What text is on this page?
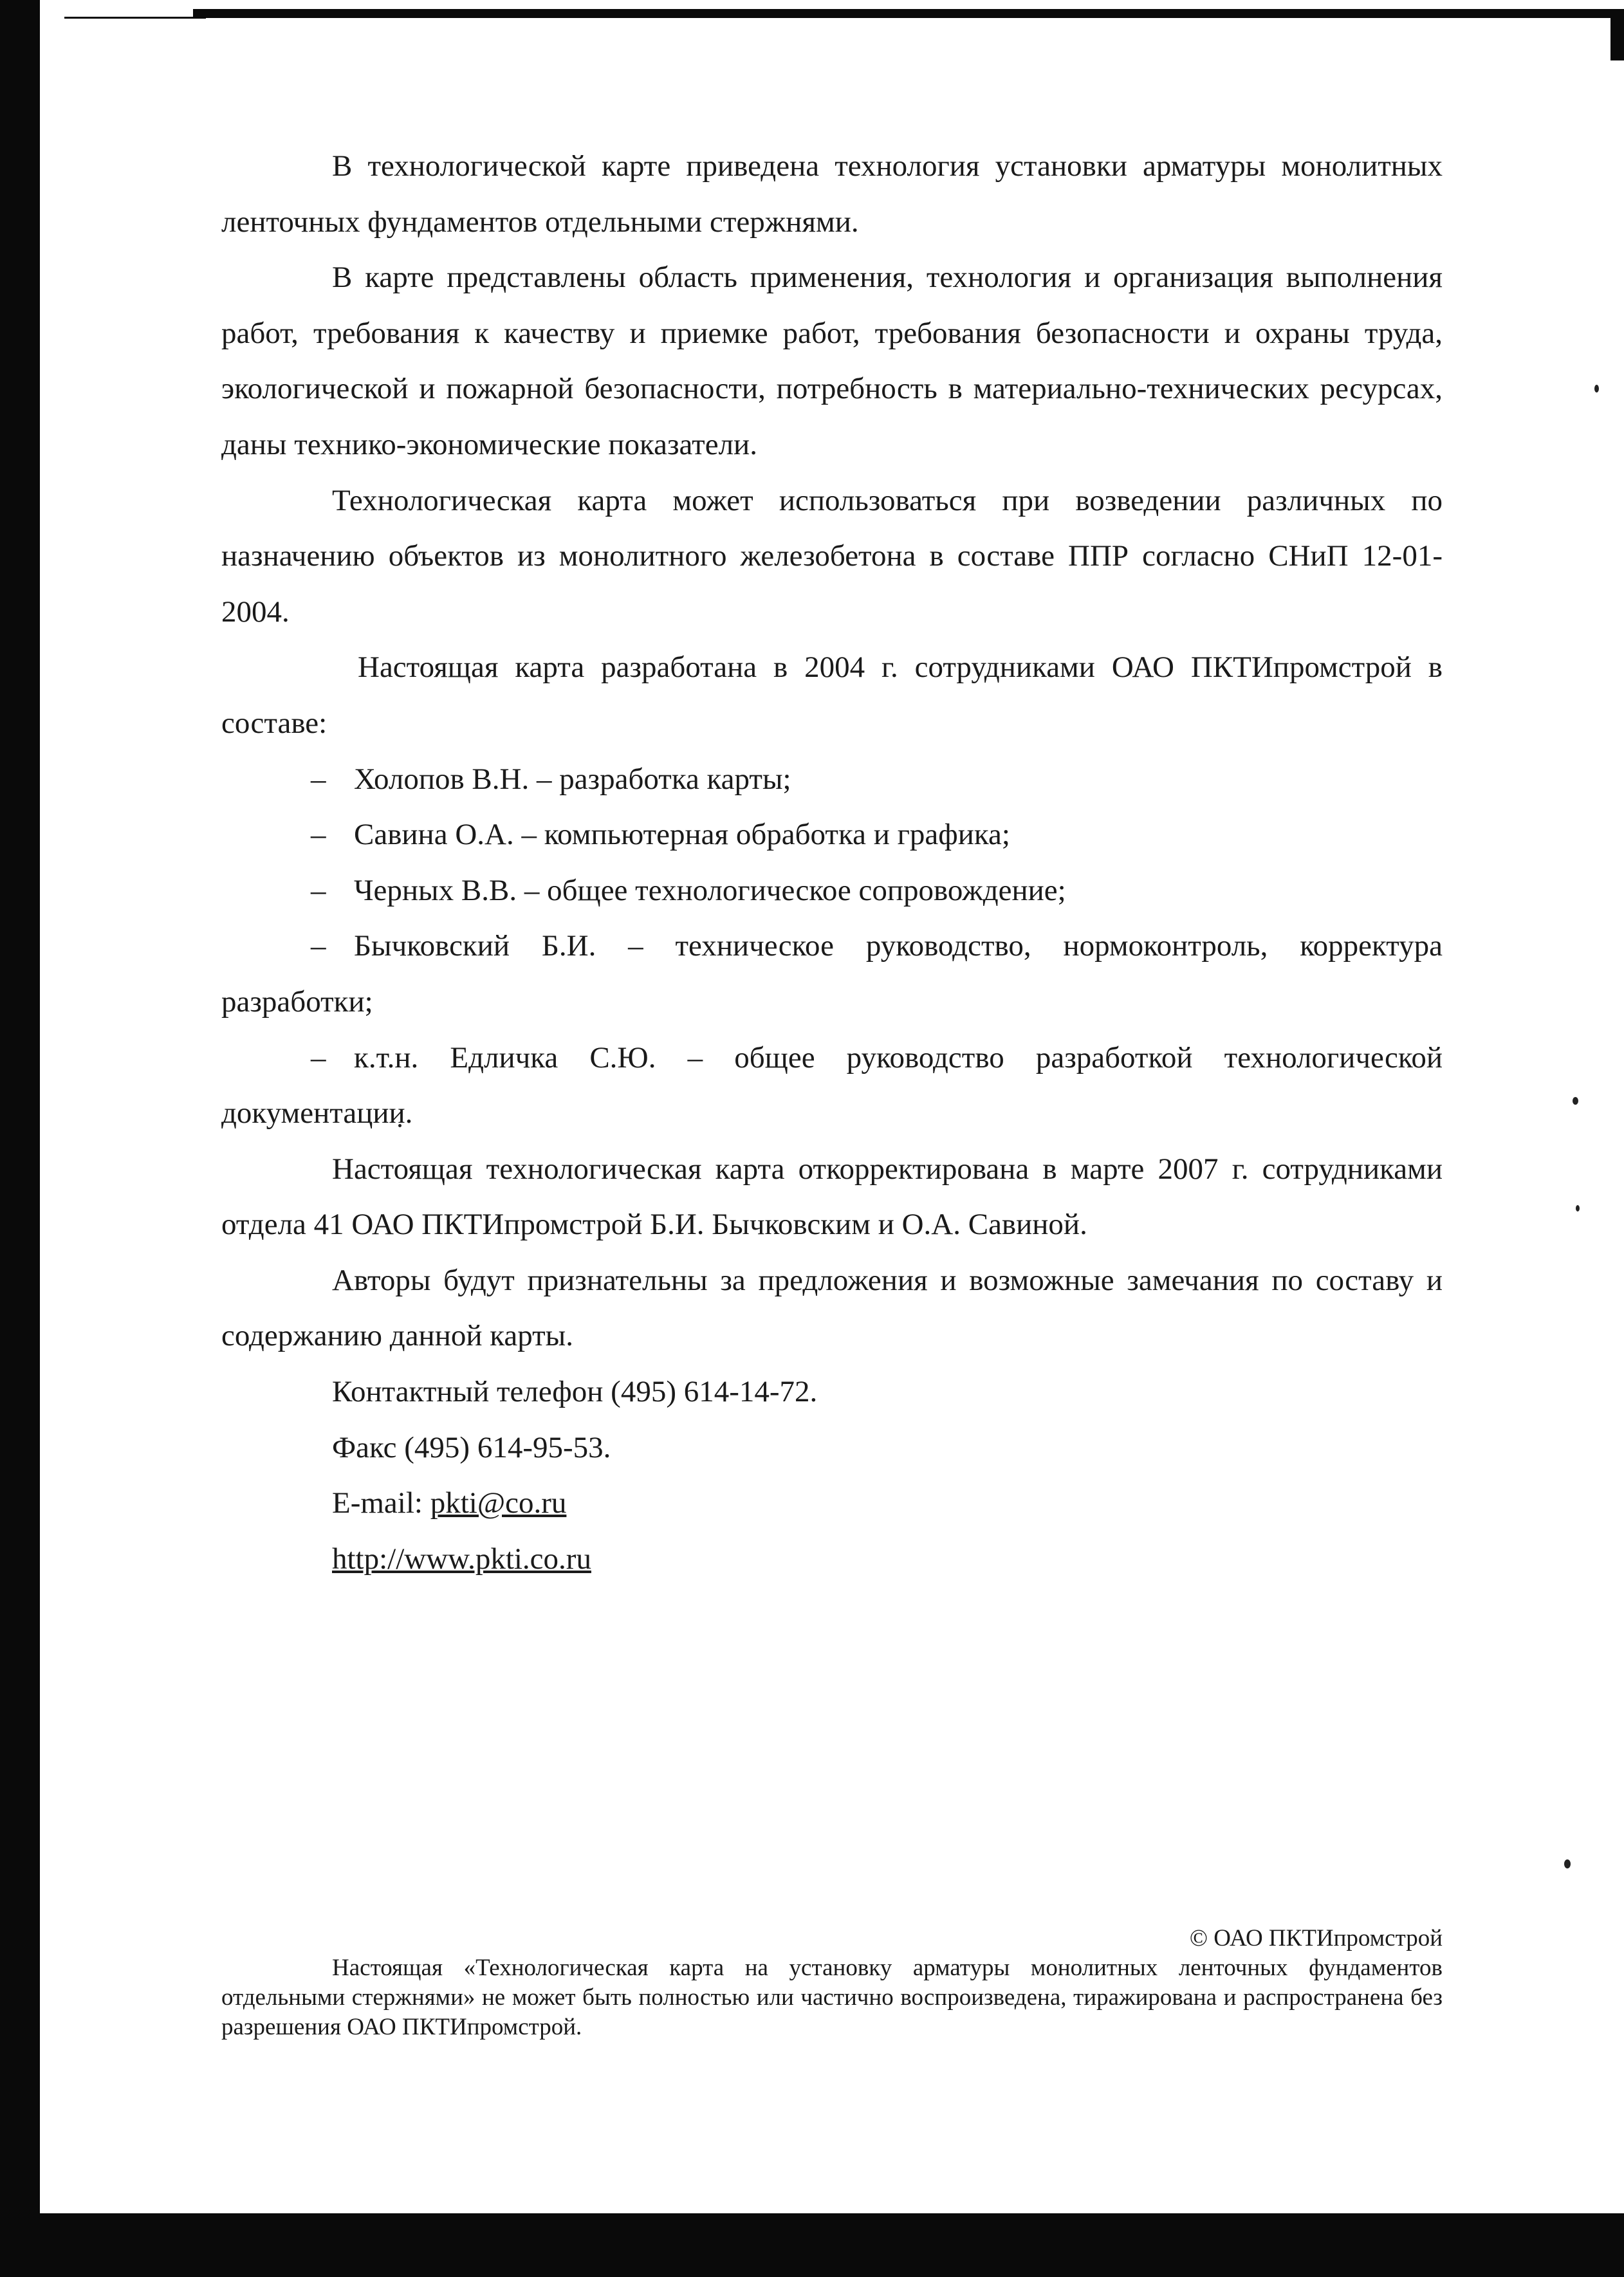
В технологической карте приведена технология установки арматуры монолитных ленточных фундаментов отдельными стержнями.

В карте представлены область применения, технология и организация выполнения работ, требования к качеству и приемке работ, требования безопасности и охраны труда, экологической и пожарной безопасности, потребность в материально-технических ресурсах, даны технико-экономические показатели.

Технологическая карта может использоваться при возведении различных по назначению объектов из монолитного железобетона в составе ППР согласно СНиП 12-01-2004.

Настоящая карта разработана в 2004 г. сотрудниками ОАО ПКТИпромстрой в составе:

– Холопов В.Н. – разработка карты;

– Савина О.А. – компьютерная обработка и графика;

– Черных В.В. – общее технологическое сопровождение;

– Бычковский Б.И. – техническое руководство, нормоконтроль, корректура разработки;

– к.т.н. Едличка С.Ю. – общее руководство разработкой технологической документации.

Настоящая технологическая карта откорректирована в марте 2007 г. сотрудниками отдела 41 ОАО ПКТИпромстрой Б.И. Бычковским и О.А. Савиной.

Авторы будут признательны за предложения и возможные замечания по составу и содержанию данной карты.

Контактный телефон (495) 614-14-72.

Факс (495) 614-95-53.

E-mail: pkti@co.ru

http://www.pkti.co.ru

© ОАО ПКТИпромстрой

Настоящая «Технологическая карта на установку арматуры монолитных ленточных фундаментов отдельными стержнями» не может быть полностью или частично воспроизведена, тиражирована и распространена без разрешения ОАО ПКТИпромстрой.
